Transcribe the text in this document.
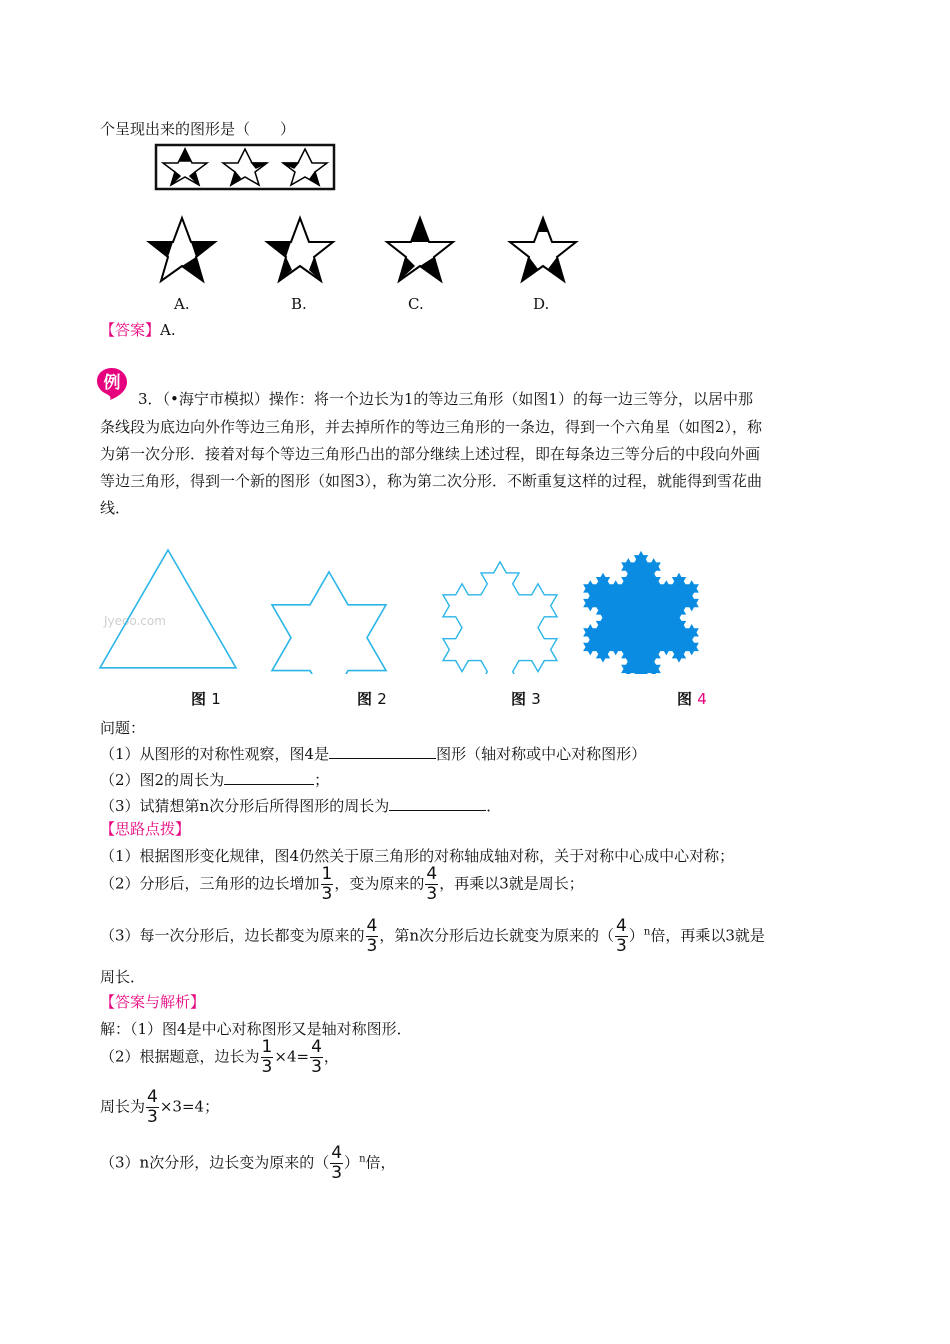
个呈现出来的图形是（　　）
A.	B.	C.	D.
【答案】A.
例
3．（•海宁市模拟）操作：将一个边长为1的等边三角形（如图1）的每一边三等分，以居中那
条线段为底边向外作等边三角形，并去掉所作的等边三角形的一条边，得到一个六角星（如图2），称
为第一次分形．接着对每个等边三角形凸出的部分继续上述过程，即在每条边三等分后的中段向外画
等边三角形，得到一个新的图形（如图3），称为第二次分形．不断重复这样的过程，就能得到雪花曲
线．
Jyeoo.com
图 1	图 2	图 3	图 4
问题：
（1）从图形的对称性观察，图4是	图形（轴对称或中心对称图形）
（2）图2的周长为	；
（3）试猜想第n次分形后所得图形的周长为	．
【思路点拨】
（1）根据图形变化规律，图4仍然关于原三角形的对称轴成轴对称，关于对称中心成中心对称；
（2）分形后，三角形的边长增加 $\frac{1}{3}$ ，变为原来的 $\frac{4}{3}$ ，再乘以3就是周长；
（3）每一次分形后，边长都变为原来的 $\frac{4}{3}$ ，第n次分形后边长就变为原来的（ $\frac{4}{3} )^n$倍，再乘以3就是
周长．
【答案与解析】
解：（1）图4是中心对称图形又是轴对称图形．
（2）根据题意，边长为 $\frac{1}{3} \times 4= \frac{4}{3}$ ，
周长为 $\frac{4}{3} \times 3=4$；
（3）n次分形，边长变为原来的（ $\frac{4}{3} )^n$倍，
